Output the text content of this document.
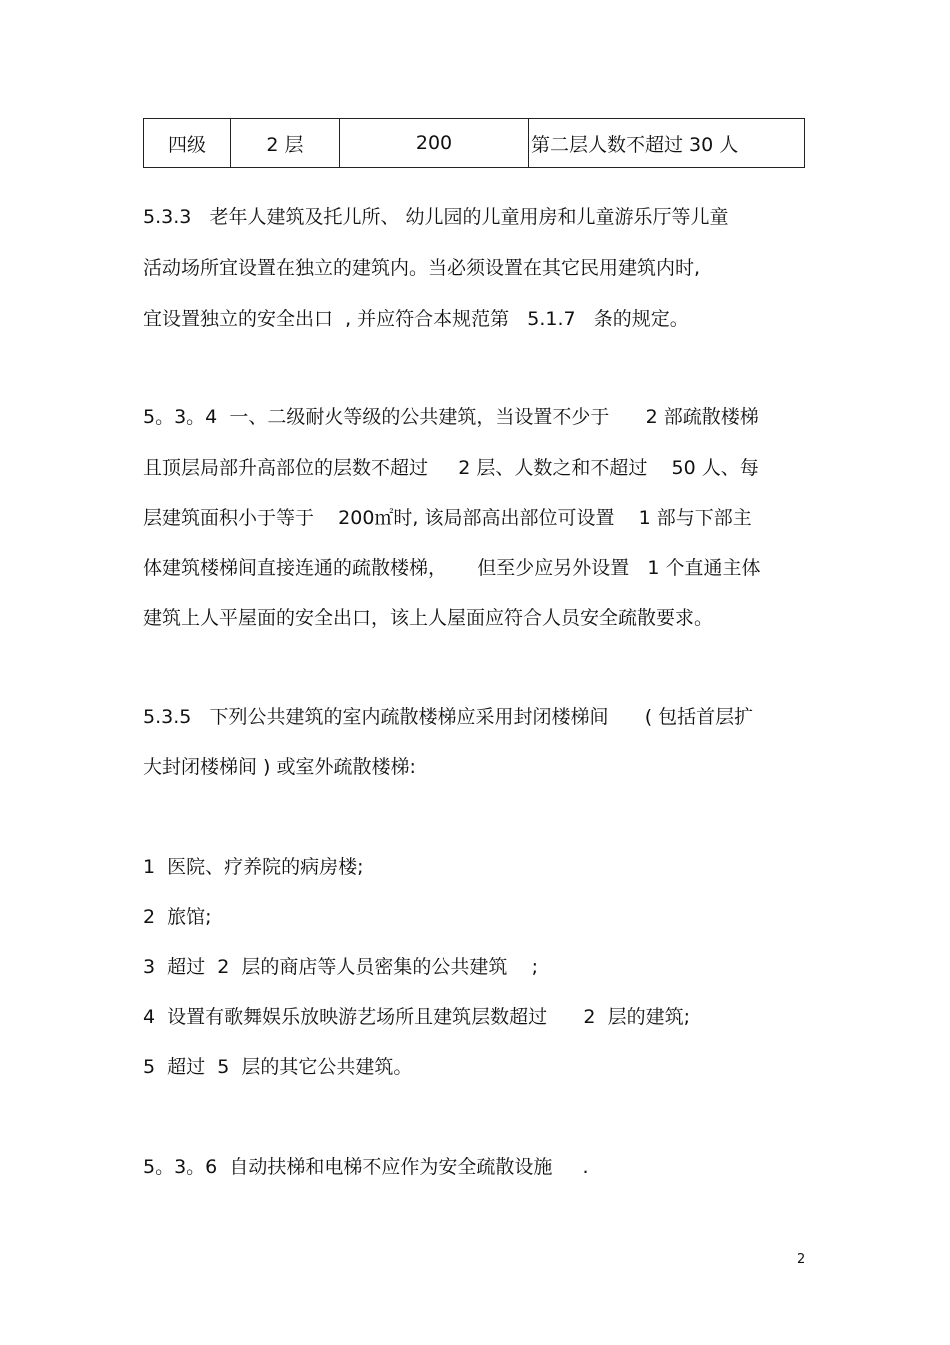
四级	2 层	200	第二层人数不超过 30 人
5.3.3   老年人建筑及托儿所、 幼儿园的儿童用房和儿童游乐厅等儿童
活动场所宜设置在独立的建筑内。当必须设置在其它民用建筑内时,
宜设置独立的安全出口  , 并应符合本规范第   5.1.7   条的规定。
5。3。4  一、二级耐火等级的公共建筑，当设置不少于      2 部疏散楼梯
且顶层局部升高部位的层数不超过     2 层、人数之和不超过    50 人、每
层建筑面积小于等于    200㎡时, 该局部高出部位可设置    1 部与下部主
体建筑楼梯间直接连通的疏散楼梯，     但至少应另外设置   1 个直通主体
建筑上人平屋面的安全出口，该上人屋面应符合人员安全疏散要求。
5.3.5   下列公共建筑的室内疏散楼梯应采用封闭楼梯间      ( 包括首层扩
大封闭楼梯间 ) 或室外疏散楼梯:
1  医院、疗养院的病房楼;
2  旅馆;
3  超过  2  层的商店等人员密集的公共建筑    ;
4  设置有歌舞娱乐放映游艺场所且建筑层数超过      2  层的建筑;
5  超过  5  层的其它公共建筑。
5。3。6  自动扶梯和电梯不应作为安全疏散设施     .
2
